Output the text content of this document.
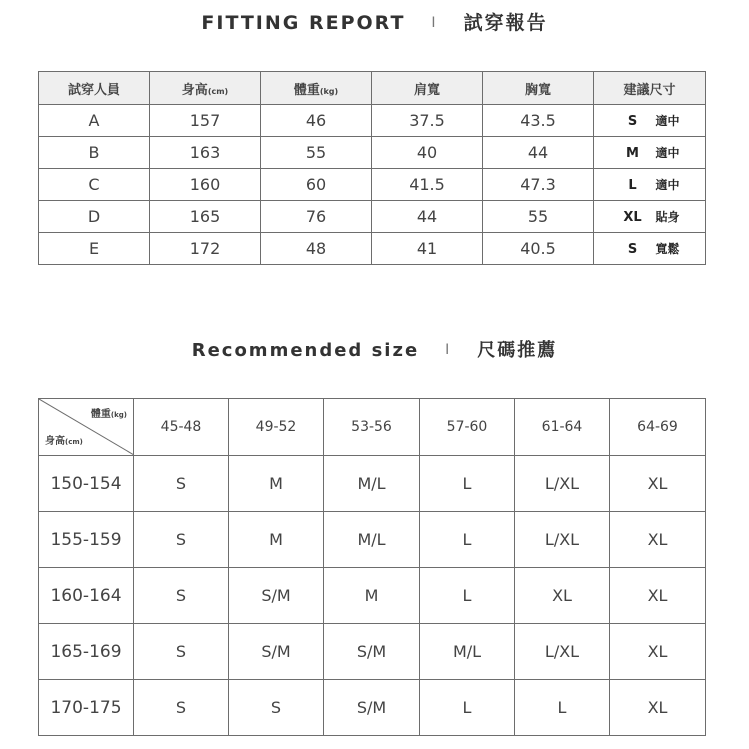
FITTING REPORT I 試穿報告
試穿人員	身高(cm)	體重(kg)	肩寬	胸寬	建議尺寸
A	157	46	37.5	43.5	S 適中
B	163	55	40	44	M 適中
C	160	60	41.5	47.3	L 適中
D	165	76	44	55	XL 貼身
E	172	48	41	40.5	S 寬鬆
Recommended size I 尺碼推薦
體重(kg)
身高(cm)	45-48	49-52	53-56	57-60	61-64	64-69
150-154	S	M	M/L	L	L/XL	XL
155-159	S	M	M/L	L	L/XL	XL
160-164	S	S/M	M	L	XL	XL
165-169	S	S/M	S/M	M/L	L/XL	XL
170-175	S	S	S/M	L	L	XL
